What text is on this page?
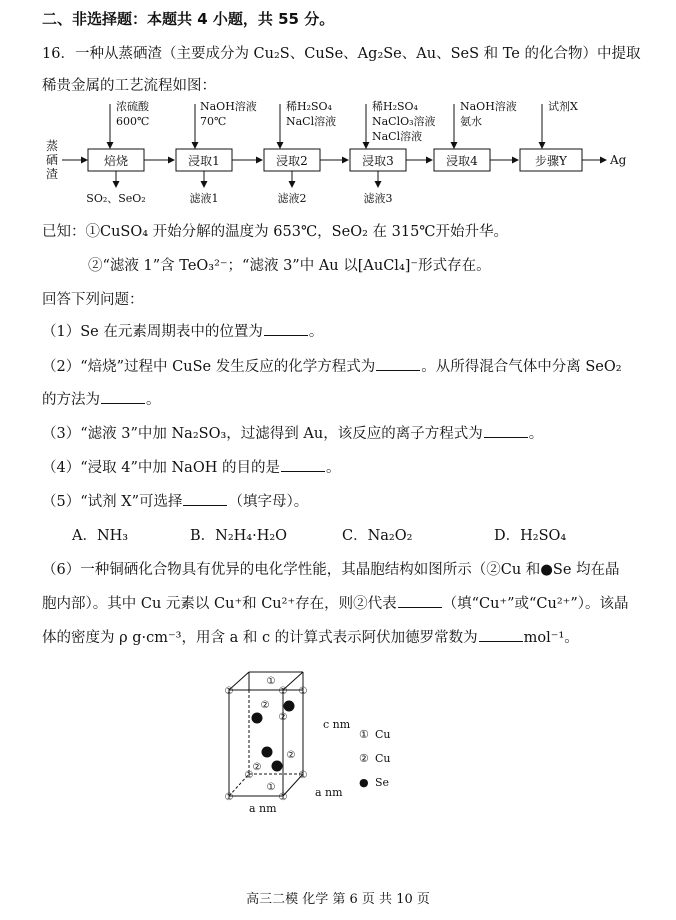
二、非选择题：本题共 4 小题，共 55 分。
16．一种从蒸硒渣（主要成分为 Cu₂S、CuSe、Ag₂Se、Au、SeS 和 Te 的化合物）中提取
稀贵金属的工艺流程如图：
蒸
硒
渣
焙烧	浸取1	浸取2	浸取3	浸取4	步骤Y	Ag
浓硫酸
600℃
NaOH溶液
70℃
稀H₂SO₄
NaCl溶液
稀H₂SO₄
NaClO₃溶液
NaCl溶液
NaOH溶液
氨水
试剂X
SO₂、SeO₂	滤液1	滤液2	滤液3
已知：①CuSO₄ 开始分解的温度为 653℃，SeO₂ 在 315℃开始升华。
②“滤液 1”含 TeO₃²⁻；“滤液 3”中 Au 以[AuCl₄]⁻形式存在。
回答下列问题：
（1）Se 在元素周期表中的位置为	。
（2）“焙烧”过程中 CuSe 发生反应的化学方程式为	。从所得混合气体中分离 SeO₂
的方法为	。
（3）“滤液 3”中加 Na₂SO₃，过滤得到 Au，该反应的离子方程式为	。
（4）“浸取 4”中加 NaOH 的目的是	。
（5）“试剂 X”可选择	（填字母）。
A．NH₃	B．N₂H₄·H₂O	C．Na₂O₂	D．H₂SO₄
（6）一种铜硒化合物具有优异的电化学性能，其晶胞结构如图所示（②Cu 和●Se 均在晶
胞内部）。其中 Cu 元素以 Cu⁺和 Cu²⁺存在，则②代表	（填“Cu⁺”或“Cu²⁺”）。该晶
体的密度为 ρ g·cm⁻³，用含 a 和 c 的计算式表示阿伏加德罗常数为	mol⁻¹。
①	① ①
①
①	①
①	①
①
②
②
②
②
c nm
a nm
a nm
① Cu
② Cu
● Se
高三二模 化学 第 6 页 共 10 页
